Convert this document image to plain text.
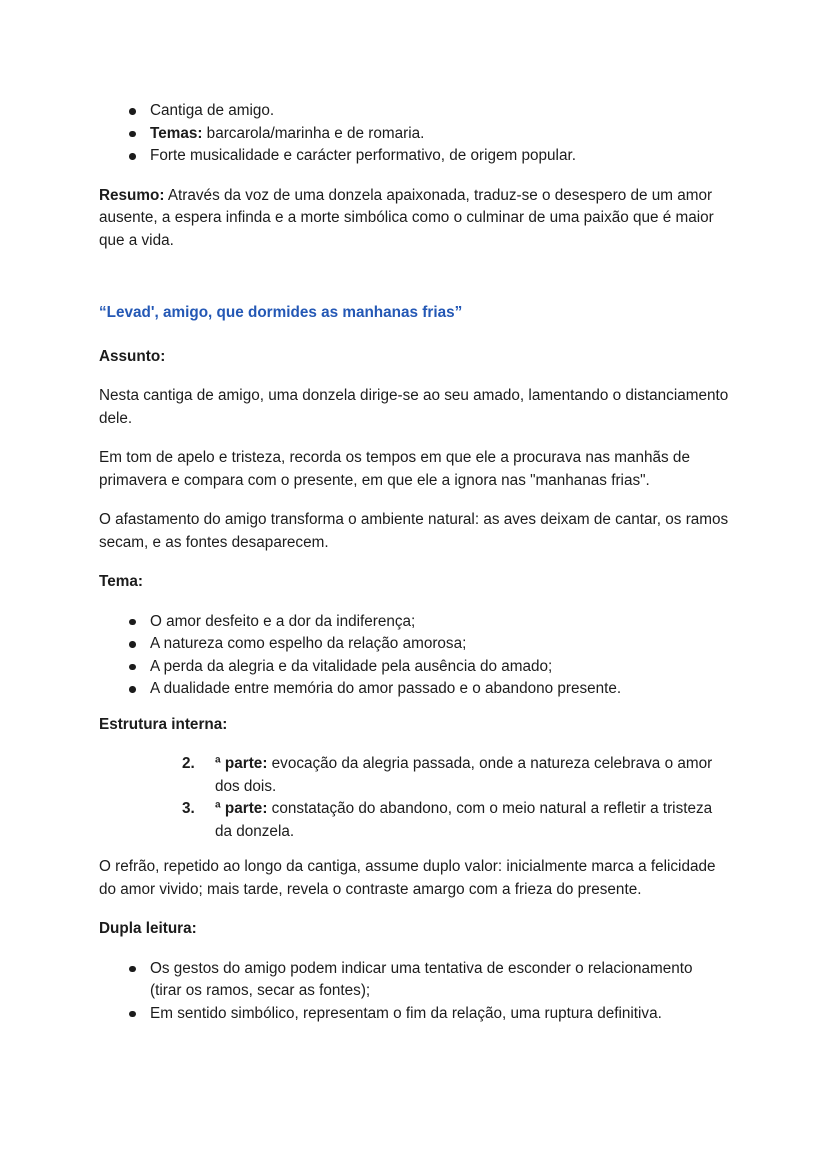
Cantiga de amigo.
Temas: barcarola/marinha e de romaria.
Forte musicalidade e carácter performativo, de origem popular.

Resumo: Através da voz de uma donzela apaixonada, traduz-se o desespero de um amor ausente, a espera infinda e a morte simbólica como o culminar de uma paixão que é maior que a vida.

“Levad', amigo, que dormides as manhanas frias”
Assunto:

Nesta cantiga de amigo, uma donzela dirige-se ao seu amado, lamentando o distanciamento dele.

Em tom de apelo e tristeza, recorda os tempos em que ele a procurava nas manhãs de primavera e compara com o presente, em que ele a ignora nas "manhanas frias".

O afastamento do amigo transforma o ambiente natural: as aves deixam de cantar, os ramos secam, e as fontes desaparecem.

Tema:
O amor desfeito e a dor da indiferença;
A natureza como espelho da relação amorosa;
A perda da alegria e da vitalidade pela ausência do amado;
A dualidade entre memória do amor passado e o abandono presente.
Estrutura interna:
2. ª parte: evocação da alegria passada, onde a natureza celebrava o amor dos dois.
3. ª parte: constatação do abandono, com o meio natural a refletir a tristeza da donzela.

O refrão, repetido ao longo da cantiga, assume duplo valor: inicialmente marca a felicidade do amor vivido; mais tarde, revela o contraste amargo com a frieza do presente.

Dupla leitura:
Os gestos do amigo podem indicar uma tentativa de esconder o relacionamento (tirar os ramos, secar as fontes);
Em sentido simbólico, representam o fim da relação, uma ruptura definitiva.
